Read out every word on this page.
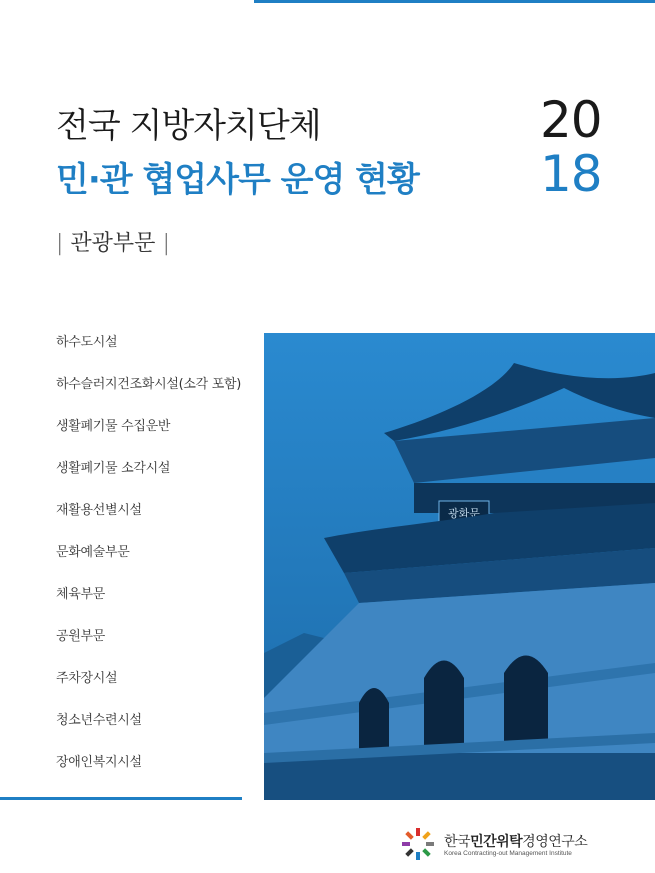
전국 지방자치단체
민·관 협업사무 운영 현황
20
18
| 관광부문 |
하수도시설
하수슬러지건조화시설(소각 포함)
생활폐기물 수집운반
생활폐기물 소각시설
재활용선별시설
문화예술부문
체육부문
공원부문
주차장시설
청소년수련시설
장애인복지시설
광화문
한국민간위탁경영연구소
Korea Contracting-out Management Institute
